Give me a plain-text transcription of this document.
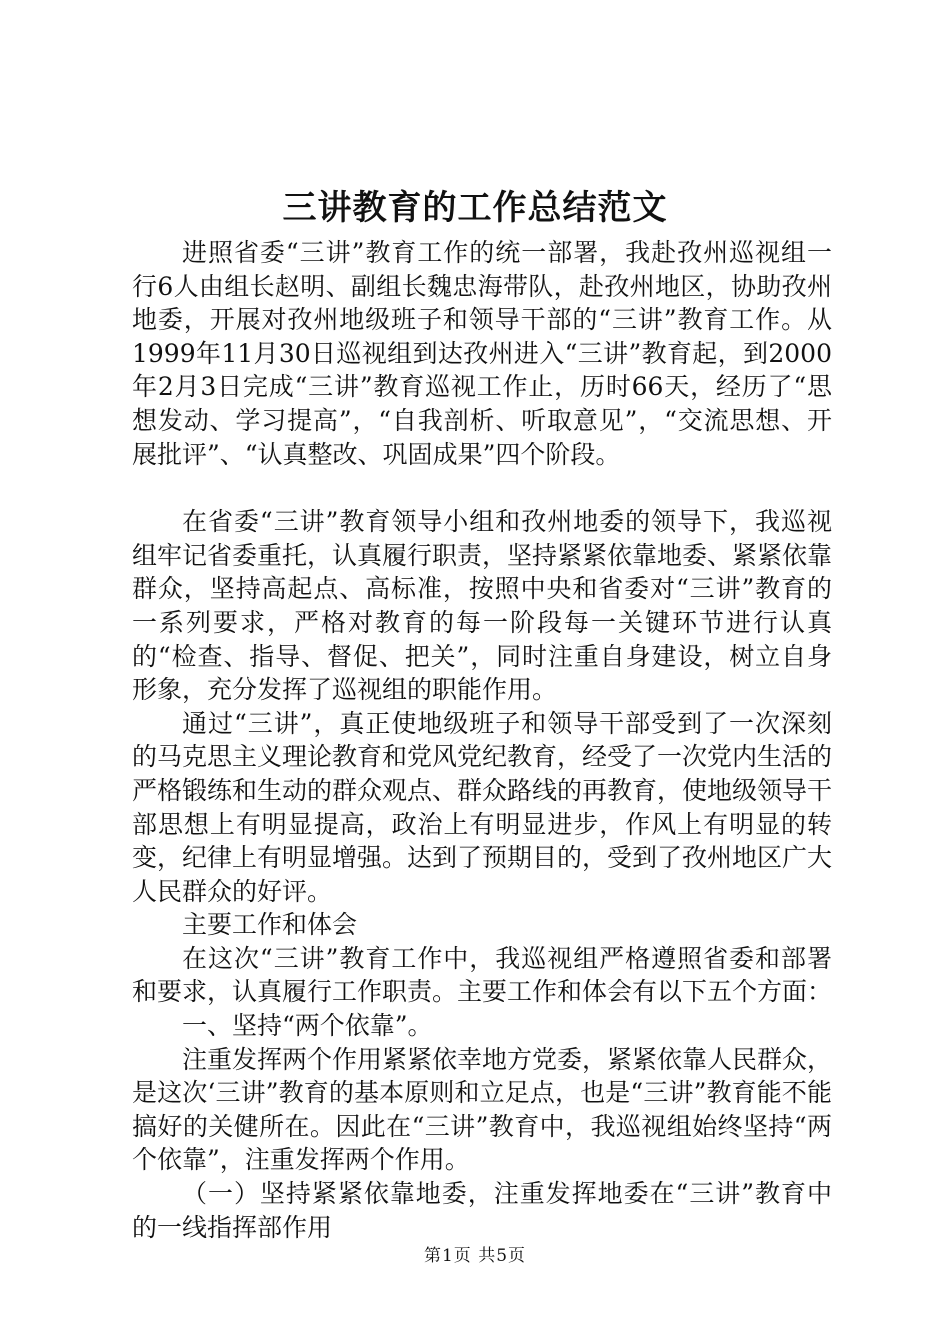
三讲教育的工作总结范文

进照省委“三讲”教育工作的统一部署，我赴孜州巡视组一行6人由组长赵明、副组长魏忠海带队，赴孜州地区，协助孜州地委，开展对孜州地级班子和领导干部的“三讲”教育工作。从1999年11月30日巡视组到达孜州进入“三讲”教育起，到2000年2月3日完成“三讲”教育巡视工作止，历时66天，经历了“思想发动、学习提高”，“自我剖析、听取意见”，“交流思想、开展批评”、“认真整改、巩固成果”四个阶段。

在省委“三讲”教育领导小组和孜州地委的领导下，我巡视组牢记省委重托，认真履行职责，坚持紧紧依靠地委、紧紧依靠群众，坚持高起点、高标准，按照中央和省委对“三讲”教育的一系列要求，严格对教育的每一阶段每一关键环节进行认真的“检查、指导、督促、把关”，同时注重自身建设，树立自身形象，充分发挥了巡视组的职能作用。

通过“三讲”，真正使地级班子和领导干部受到了一次深刻的马克思主义理论教育和党风党纪教育，经受了一次党内生活的严格锻练和生动的群众观点、群众路线的再教育，使地级领导干部思想上有明显提高，政治上有明显进步，作风上有明显的转变，纪律上有明显增强。达到了预期目的，受到了孜州地区广大人民群众的好评。

主要工作和体会

在这次“三讲”教育工作中，我巡视组严格遵照省委和部署和要求，认真履行工作职责。主要工作和体会有以下五个方面：

一、坚持“两个依靠”。

注重发挥两个作用紧紧依幸地方党委，紧紧依靠人民群众，是这次‘三讲”教育的基本原则和立足点，也是“三讲”教育能不能搞好的关健所在。因此在“三讲”教育中，我巡视组始终坚持“两个依靠”，注重发挥两个作用。

（一）坚持紧紧依靠地委，注重发挥地委在“三讲”教育中的一线指挥部作用

第1页 共5页
